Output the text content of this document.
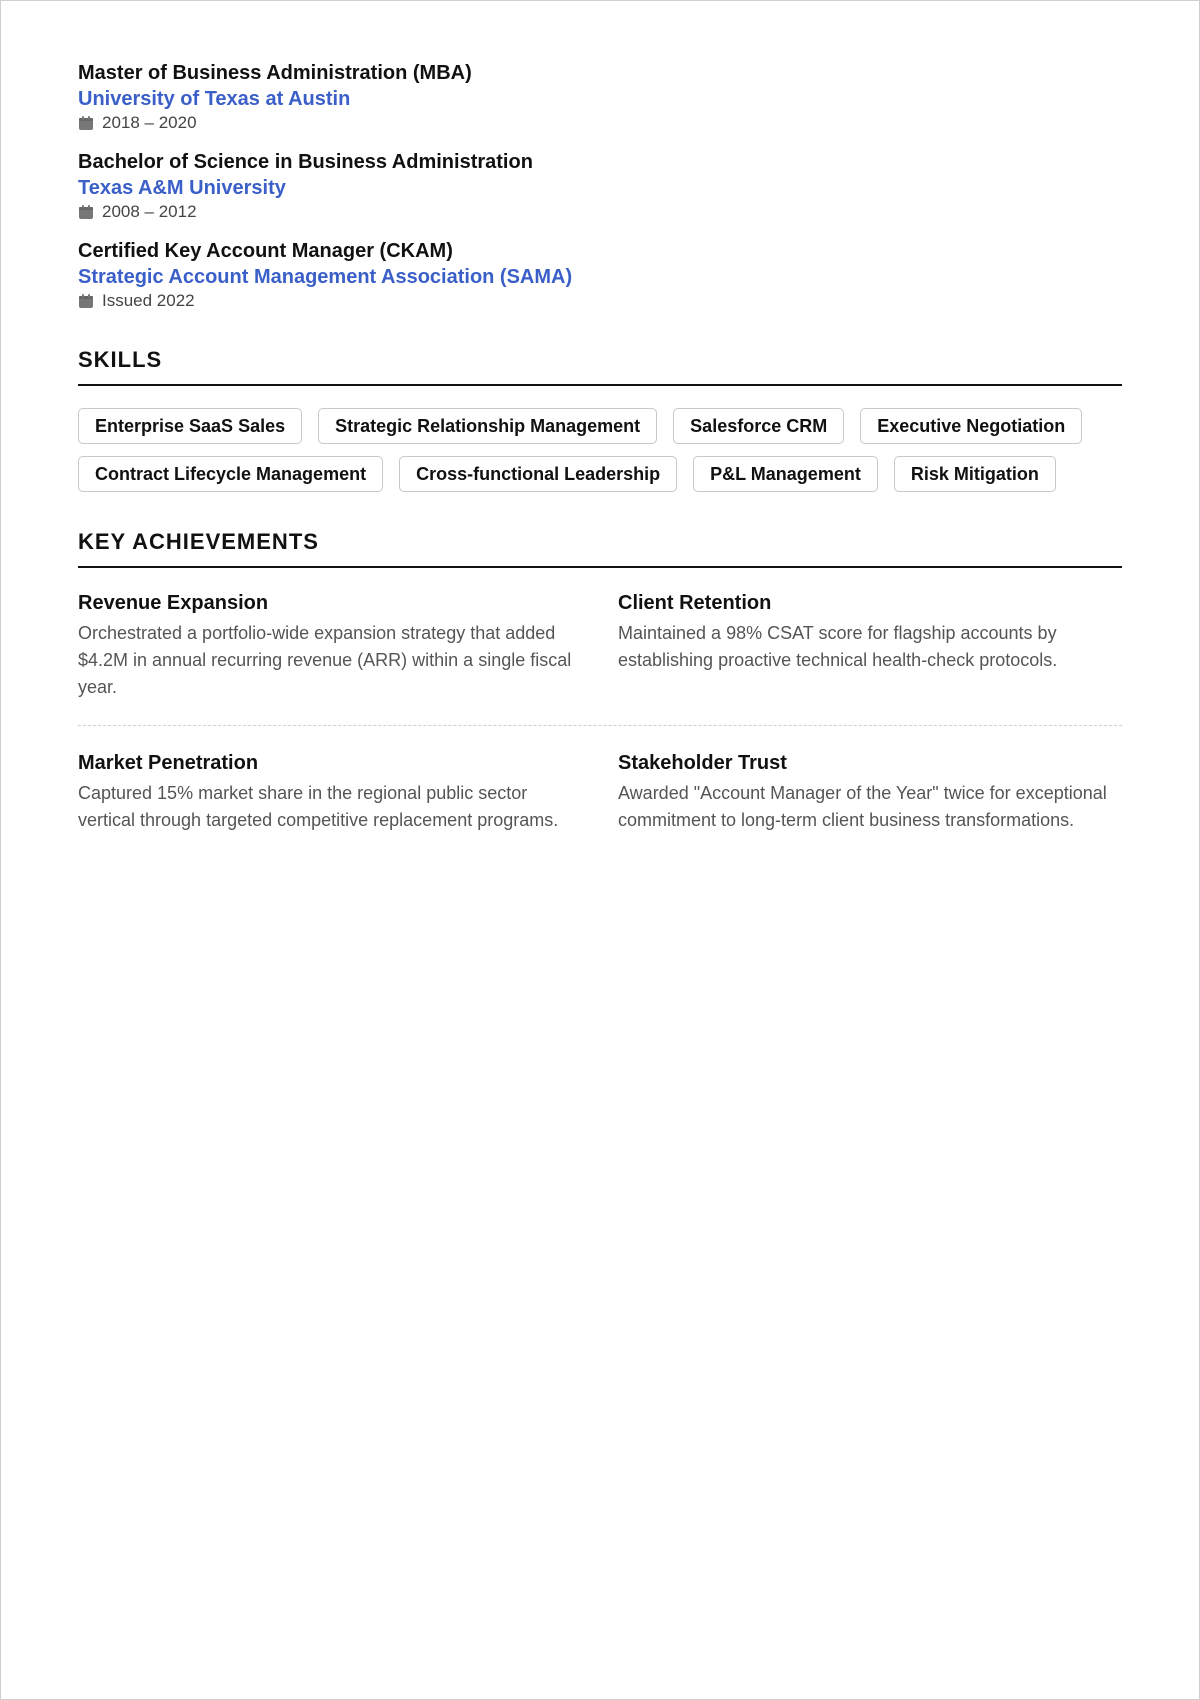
Master of Business Administration (MBA)
University of Texas at Austin
2018 – 2020
Bachelor of Science in Business Administration
Texas A&M University
2008 – 2012
Certified Key Account Manager (CKAM)
Strategic Account Management Association (SAMA)
Issued 2022
SKILLS
Enterprise SaaS Sales	Strategic Relationship Management	Salesforce CRM	Executive Negotiation
Contract Lifecycle Management	Cross-functional Leadership	P&L Management	Risk Mitigation
KEY ACHIEVEMENTS
Revenue Expansion
Orchestrated a portfolio-wide expansion strategy that added $4.2M in annual recurring revenue (ARR) within a single fiscal year.
Client Retention
Maintained a 98% CSAT score for flagship accounts by establishing proactive technical health-check protocols.
Market Penetration
Captured 15% market share in the regional public sector vertical through targeted competitive replacement programs.
Stakeholder Trust
Awarded "Account Manager of the Year" twice for exceptional commitment to long-term client business transformations.
